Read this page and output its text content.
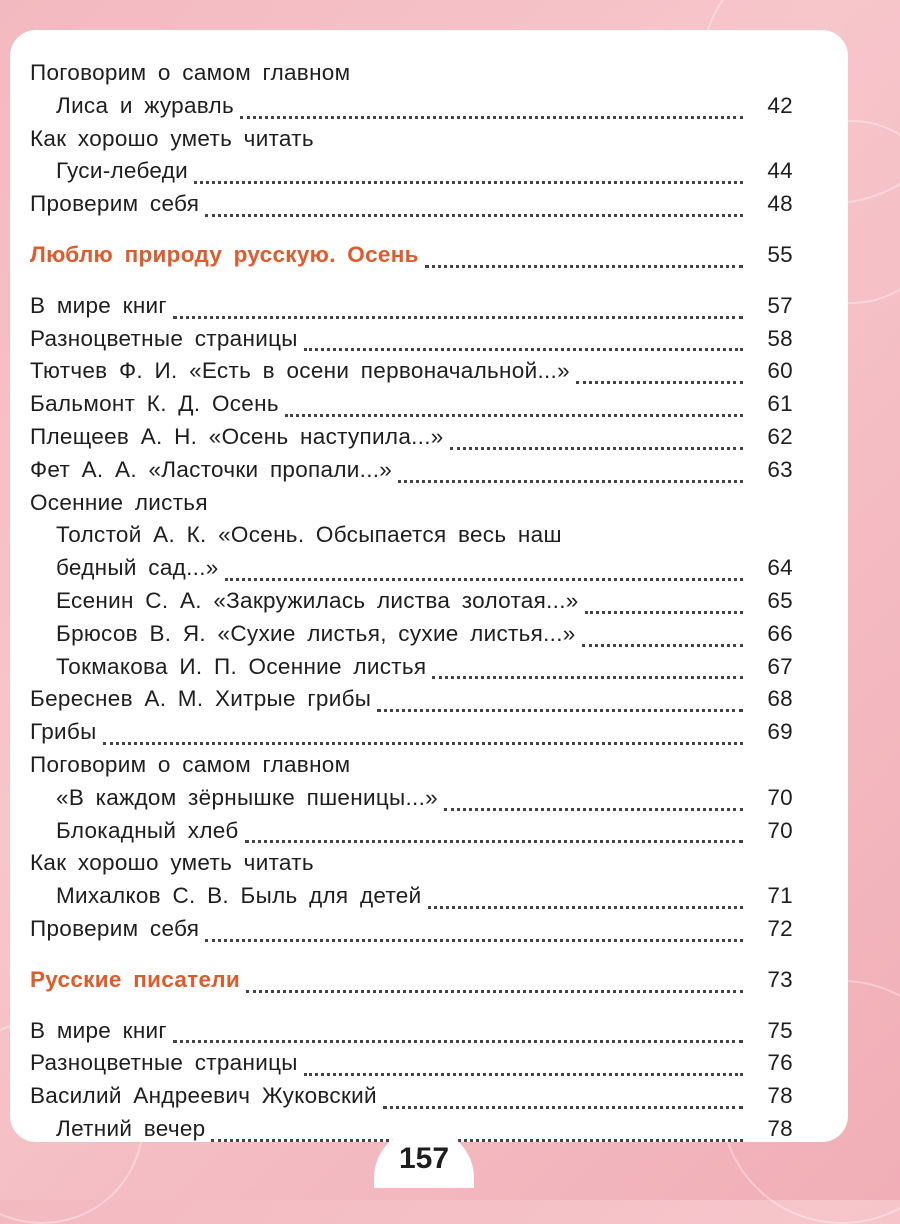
Поговорим о самом главном
Лиса и журавль	42
Как хорошо уметь читать
Гуси-лебеди	44
Проверим себя	48
Люблю природу русскую. Осень	55
В мире книг	57
Разноцветные страницы	58
Тютчев Ф. И. «Есть в осени первоначальной...»	60
Бальмонт К. Д. Осень	61
Плещеев А. Н. «Осень наступила...»	62
Фет А. А. «Ласточки пропали...»	63
Осенние листья
Толстой А. К. «Осень. Обсыпается весь наш
бедный сад...»	64
Есенин С. А. «Закружилась листва золотая...»	65
Брюсов В. Я. «Сухие листья, сухие листья...»	66
Токмакова И. П. Осенние листья	67
Береснев А. М. Хитрые грибы	68
Грибы	69
Поговорим о самом главном
«В каждом зёрнышке пшеницы...»	70
Блокадный хлеб	70
Как хорошо уметь читать
Михалков С. В. Быль для детей	71
Проверим себя	72
Русские писатели	73
В мире книг	75
Разноцветные страницы	76
Василий Андреевич Жуковский	78
Летний вечер	78
157
